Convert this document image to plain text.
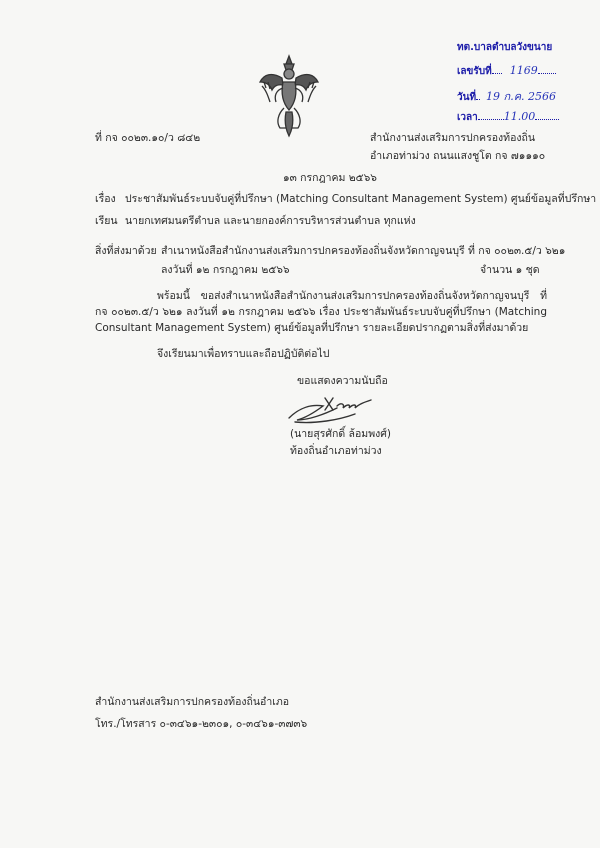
ทต.บาลตำบลวังขนาย
เลขรับที่ 1169
วันที่ 19 ก.ค. 2566
เวลา 11.00
ที่ กจ ๐๐๒๓.๑๐/ว ๘๔๒	สำนักงานส่งเสริมการปกครองท้องถิ่น
อำเภอท่าม่วง ถนนแสงชูโต กจ ๗๑๑๑๐
๑๓ กรกฎาคม ๒๕๖๖
เรื่อง ประชาสัมพันธ์ระบบจับคู่ที่ปรึกษา (Matching Consultant Management System) ศูนย์ข้อมูลที่ปรึกษา
เรียน นายกเทศมนตรีตำบล และนายกองค์การบริหารส่วนตำบล ทุกแห่ง
สิ่งที่ส่งมาด้วย สำเนาหนังสือสำนักงานส่งเสริมการปกครองท้องถิ่นจังหวัดกาญจนบุรี ที่ กจ ๐๐๒๓.๕/ว ๖๒๑
ลงวันที่ ๑๒ กรกฎาคม ๒๕๖๖	จำนวน ๑ ชุด
พร้อมนี้ ขอส่งสำเนาหนังสือสำนักงานส่งเสริมการปกครองท้องถิ่นจังหวัดกาญจนบุรี ที่ กจ ๐๐๒๓.๕/ว ๖๒๑ ลงวันที่ ๑๒ กรกฎาคม ๒๕๖๖ เรื่อง ประชาสัมพันธ์ระบบจับคู่ที่ปรึกษา (Matching Consultant Management System) ศูนย์ข้อมูลที่ปรึกษา รายละเอียดปรากฏตามสิ่งที่ส่งมาด้วย
จึงเรียนมาเพื่อทราบและถือปฏิบัติต่อไป
ขอแสดงความนับถือ
(นายสุรศักดิ์ ล้อมพงศ์)
ท้องถิ่นอำเภอท่าม่วง
สำนักงานส่งเสริมการปกครองท้องถิ่นอำเภอ
โทร./โทรสาร ๐-๓๔๖๑-๒๓๐๑, ๐-๓๔๖๑-๓๗๓๖
